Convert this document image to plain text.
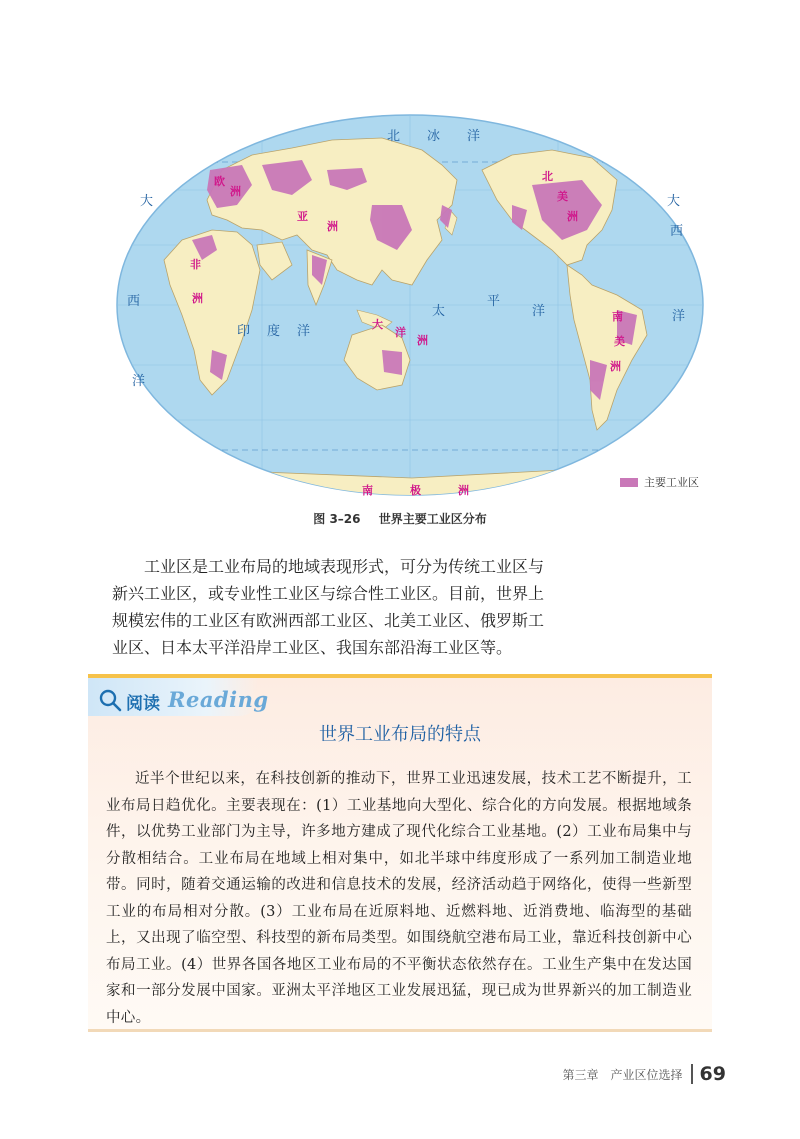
北 冰 洋
太
平
洋
印 度 洋
大
西
洋
大
西
洋
欧
洲
亚
洲
非
洲
北
美
洲
南
美
洲
大
洋
洲
南	极	洲
主要工业区
图 3–26 世界主要工业区分布

工业区是工业布局的地域表现形式，可分为传统工业区与新兴工业区，或专业性工业区与综合性工业区。目前，世界上规模宏伟的工业区有欧洲西部工业区、北美工业区、俄罗斯工业区、日本太平洋沿岸工业区、我国东部沿海工业区等。

阅读 Reading
世界工业布局的特点

近半个世纪以来，在科技创新的推动下，世界工业迅速发展，技术工艺不断提升，工业布局日趋优化。主要表现在：(1）工业基地向大型化、综合化的方向发展。根据地域条件，以优势工业部门为主导，许多地方建成了现代化综合工业基地。(2）工业布局集中与分散相结合。工业布局在地域上相对集中，如北半球中纬度形成了一系列加工制造业地带。同时，随着交通运输的改进和信息技术的发展，经济活动趋于网络化，使得一些新型工业的布局相对分散。(3）工业布局在近原料地、近燃料地、近消费地、临海型的基础上，又出现了临空型、科技型的新布局类型。如围绕航空港布局工业，靠近科技创新中心布局工业。(4）世界各国各地区工业布局的不平衡状态依然存在。工业生产集中在发达国家和一部分发展中国家。亚洲太平洋地区工业发展迅猛，现已成为世界新兴的加工制造业中心。

第三章　产业区位选择 69
